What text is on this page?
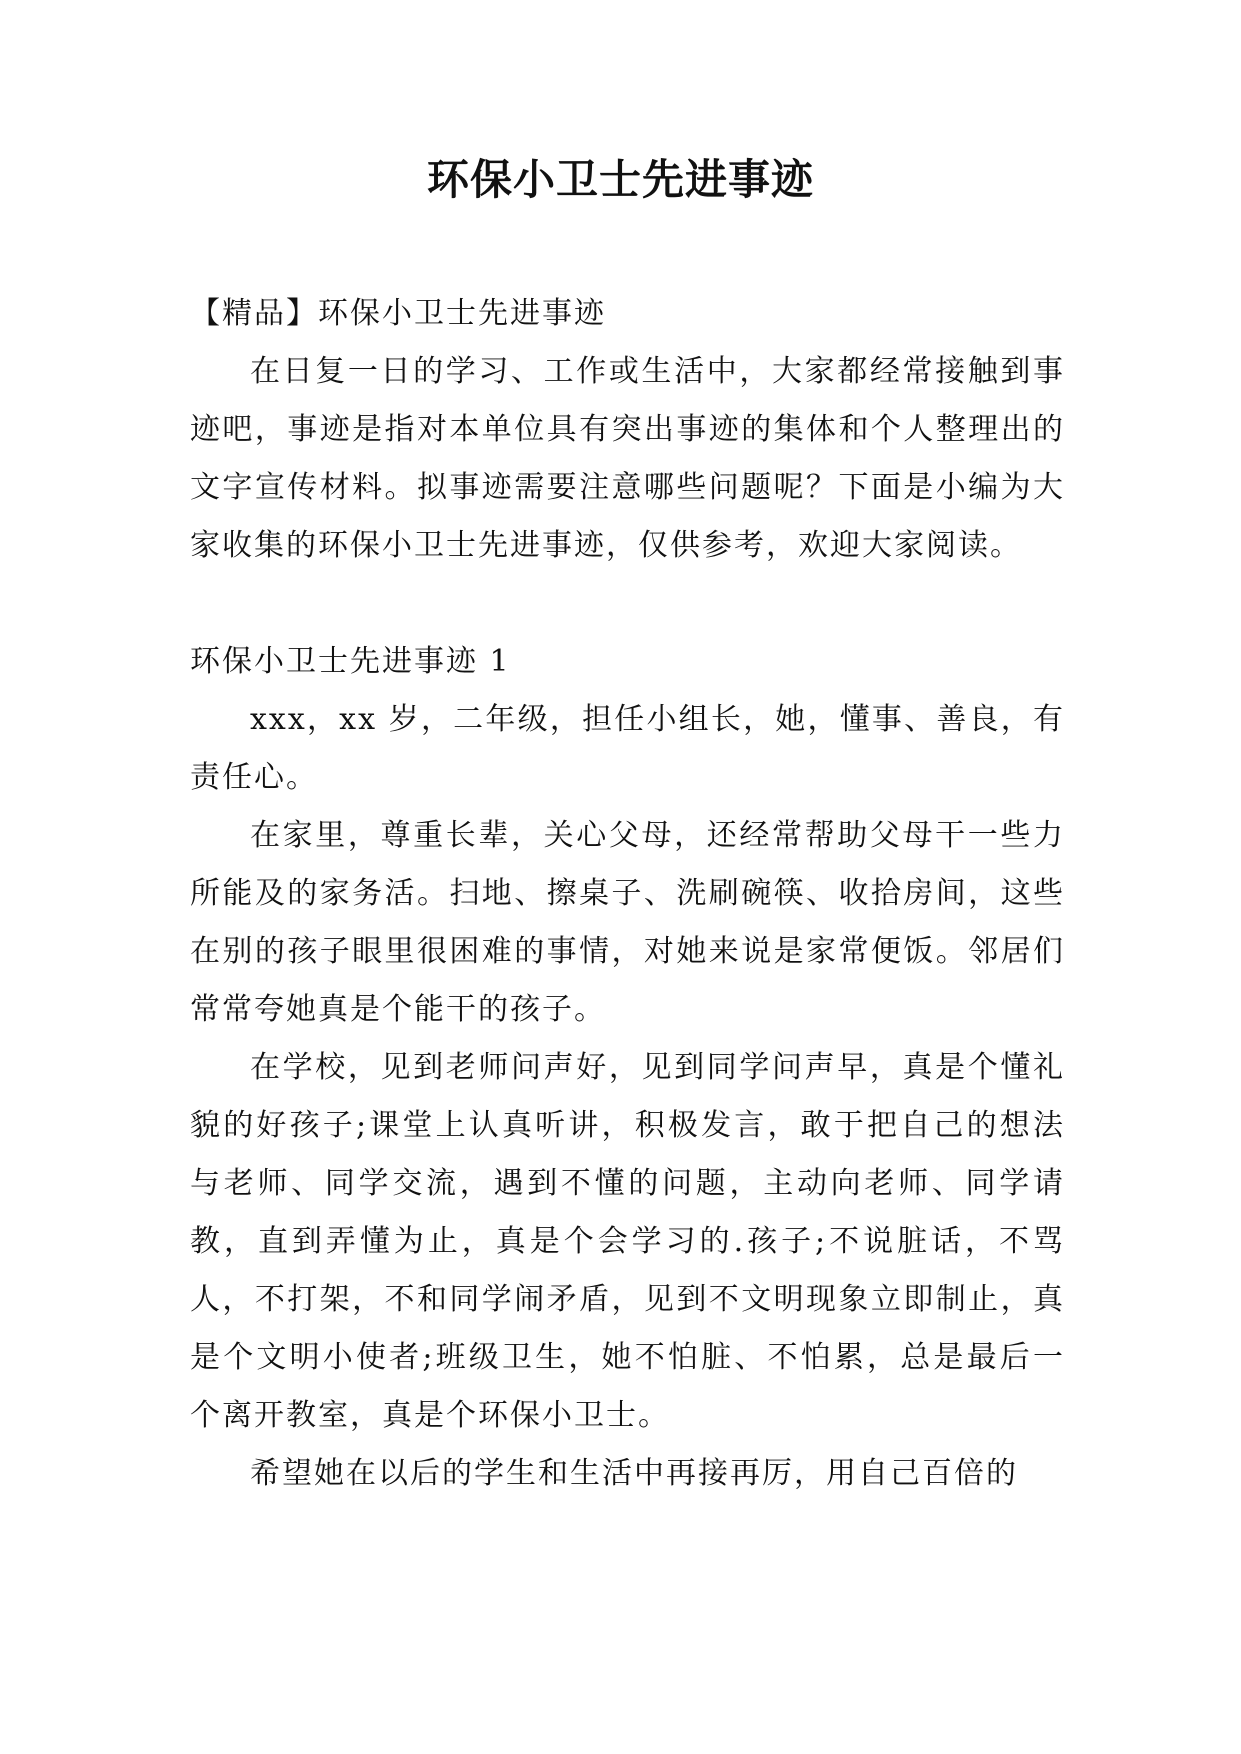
环保小卫士先进事迹

【精品】环保小卫士先进事迹

在日复一日的学习、工作或生活中，大家都经常接触到事迹吧，事迹是指对本单位具有突出事迹的集体和个人整理出的文字宣传材料。拟事迹需要注意哪些问题呢？下面是小编为大家收集的环保小卫士先进事迹，仅供参考，欢迎大家阅读。

环保小卫士先进事迹 1

xxx，xx 岁，二年级，担任小组长，她，懂事、善良，有责任心。

在家里，尊重长辈，关心父母，还经常帮助父母干一些力所能及的家务活。扫地、擦桌子、洗刷碗筷、收拾房间，这些在别的孩子眼里很困难的事情，对她来说是家常便饭。邻居们常常夸她真是个能干的孩子。

在学校，见到老师问声好，见到同学问声早，真是个懂礼貌的好孩子;课堂上认真听讲，积极发言，敢于把自己的想法与老师、同学交流，遇到不懂的问题，主动向老师、同学请教，直到弄懂为止，真是个会学习的.孩子;不说脏话，不骂人，不打架，不和同学闹矛盾，见到不文明现象立即制止，真是个文明小使者;班级卫生，她不怕脏、不怕累，总是最后一个离开教室，真是个环保小卫士。

希望她在以后的学生和生活中再接再厉，用自己百倍的
